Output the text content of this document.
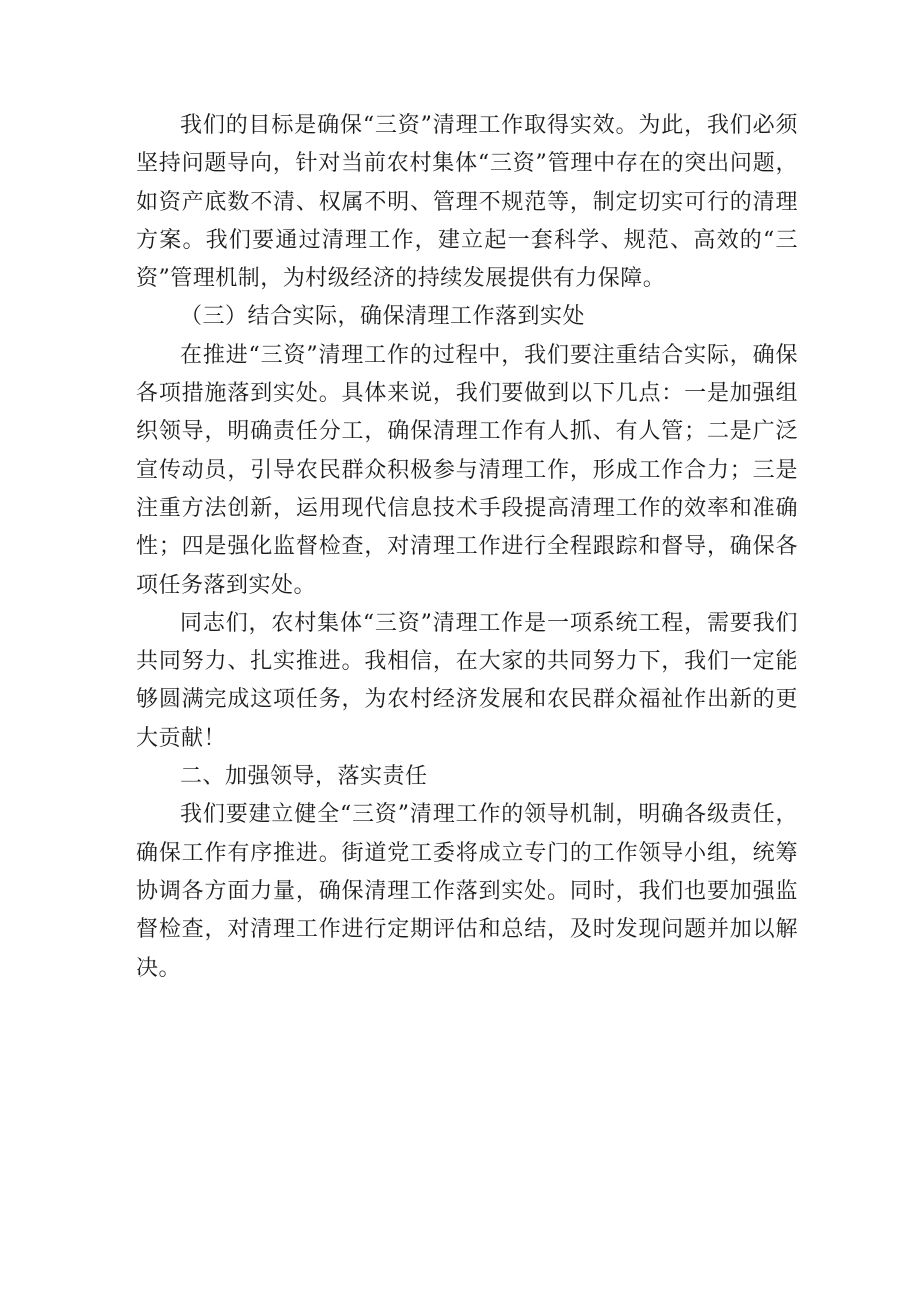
我们的目标是确保“三资”清理工作取得实效。为此，我们必须坚持问题导向，针对当前农村集体“三资”管理中存在的突出问题，如资产底数不清、权属不明、管理不规范等，制定切实可行的清理方案。我们要通过清理工作，建立起一套科学、规范、高效的“三资”管理机制，为村级经济的持续发展提供有力保障。

（三）结合实际，确保清理工作落到实处

在推进“三资”清理工作的过程中，我们要注重结合实际，确保各项措施落到实处。具体来说，我们要做到以下几点：一是加强组织领导，明确责任分工，确保清理工作有人抓、有人管；二是广泛宣传动员，引导农民群众积极参与清理工作，形成工作合力；三是注重方法创新，运用现代信息技术手段提高清理工作的效率和准确性；四是强化监督检查，对清理工作进行全程跟踪和督导，确保各项任务落到实处。

同志们，农村集体“三资”清理工作是一项系统工程，需要我们共同努力、扎实推进。我相信，在大家的共同努力下，我们一定能够圆满完成这项任务，为农村经济发展和农民群众福祉作出新的更大贡献！

二、加强领导，落实责任

我们要建立健全“三资”清理工作的领导机制，明确各级责任，确保工作有序推进。街道党工委将成立专门的工作领导小组，统筹协调各方面力量，确保清理工作落到实处。同时，我们也要加强监督检查，对清理工作进行定期评估和总结，及时发现问题并加以解决。
